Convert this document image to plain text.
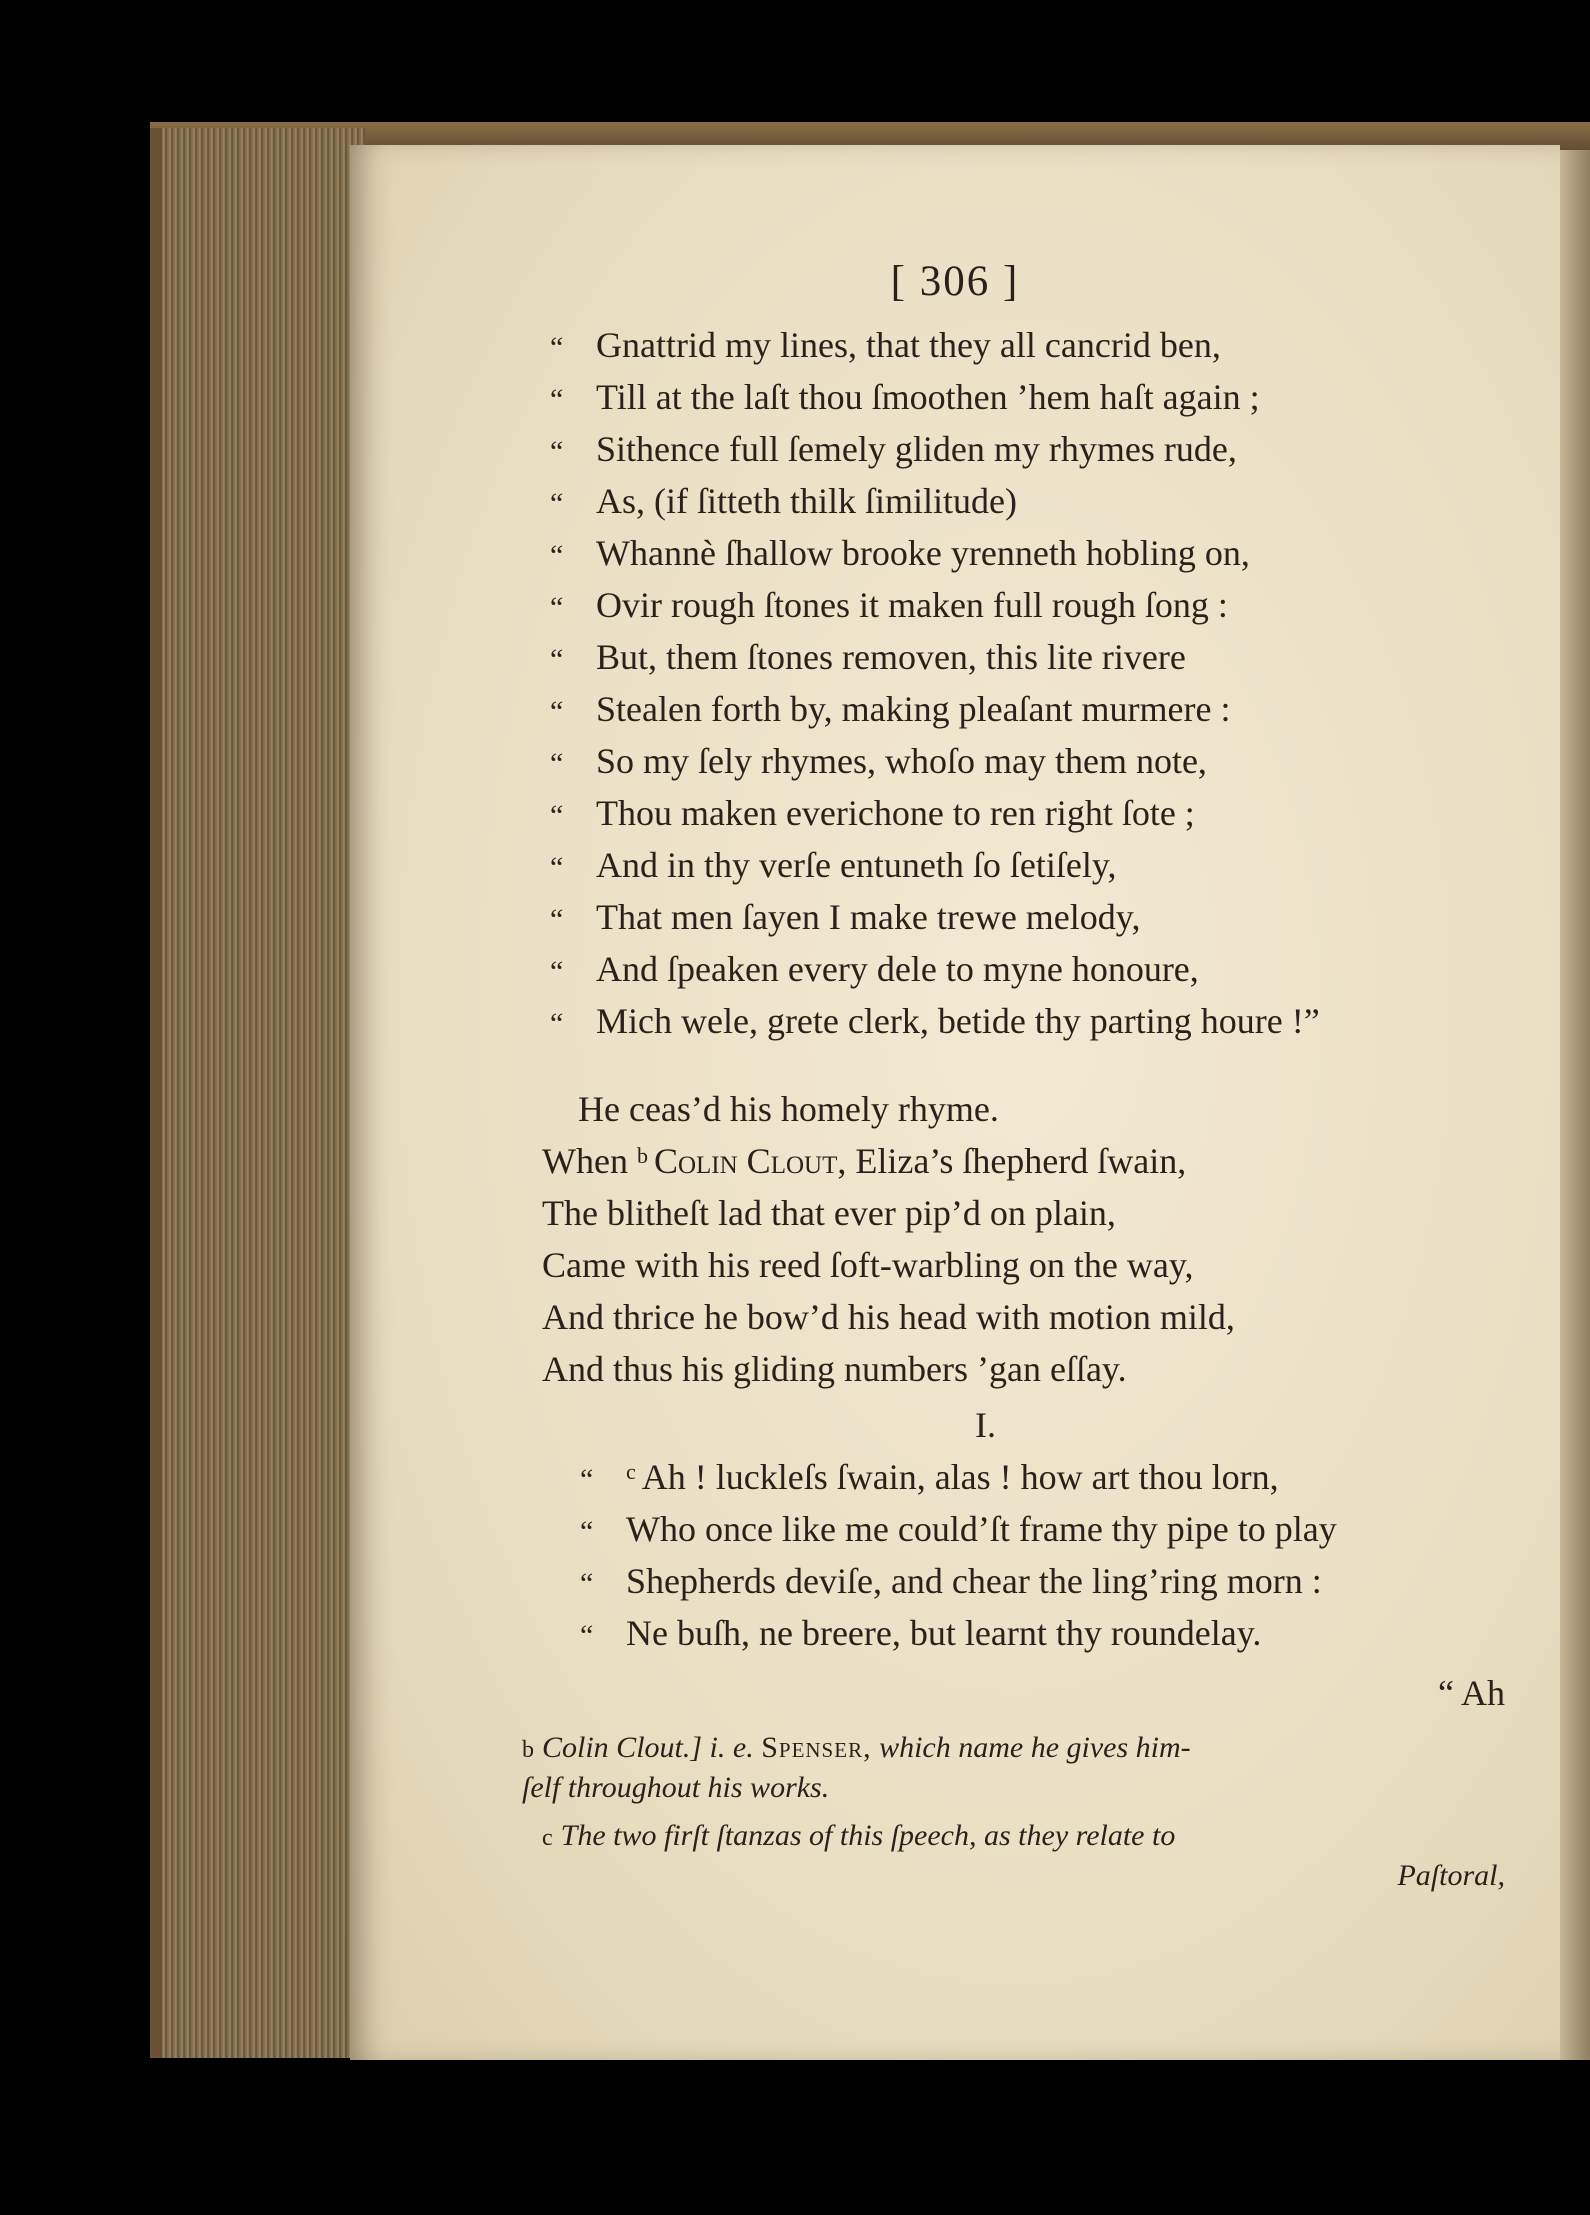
[ 306 ]
“ Gnattrid my lines, that they all cancrid ben,
“ Till at the laſt thou ſmoothen ’hem haſt again ;
“ Sithence full ſemely gliden my rhymes rude,
“ As, (if ſitteth thilk ſimilitude)
“ Whannè ſhallow brooke yrenneth hobling on,
“ Ovir rough ſtones it maken full rough ſong :
“ But, them ſtones removen, this lite rivere
“ Stealen forth by, making pleaſant murmere :
“ So my ſely rhymes, whoſo may them note,
“ Thou maken everichone to ren right ſote ;
“ And in thy verſe entuneth ſo ſetiſely,
“ That men ſayen I make trewe melody,
“ And ſpeaken every dele to myne honoure,
“ Mich wele, grete clerk, betide thy parting houre !”
He ceas’d his homely rhyme.
When $^b$ Colin Clout, Eliza’s ſhepherd ſwain,
The blitheſt lad that ever pip’d on plain,
Came with his reed ſoft-warbling on the way,
And thrice he bow’d his head with motion mild,
And thus his gliding numbers ’gan eſſay.
I.
“ $^c$ Ah ! luckleſs ſwain, alas ! how art thou lorn,
“ Who once like me could’ſt frame thy pipe to play
“ Shepherds deviſe, and chear the ling’ring morn :
“ Ne buſh, ne breere, but learnt thy roundelay.
“ Ah
b Colin Clout.] i. e. Spenser, which name he gives him-
ſelf throughout his works.
c The two firſt ſtanzas of this ſpeech, as they relate to
Paſtoral,
